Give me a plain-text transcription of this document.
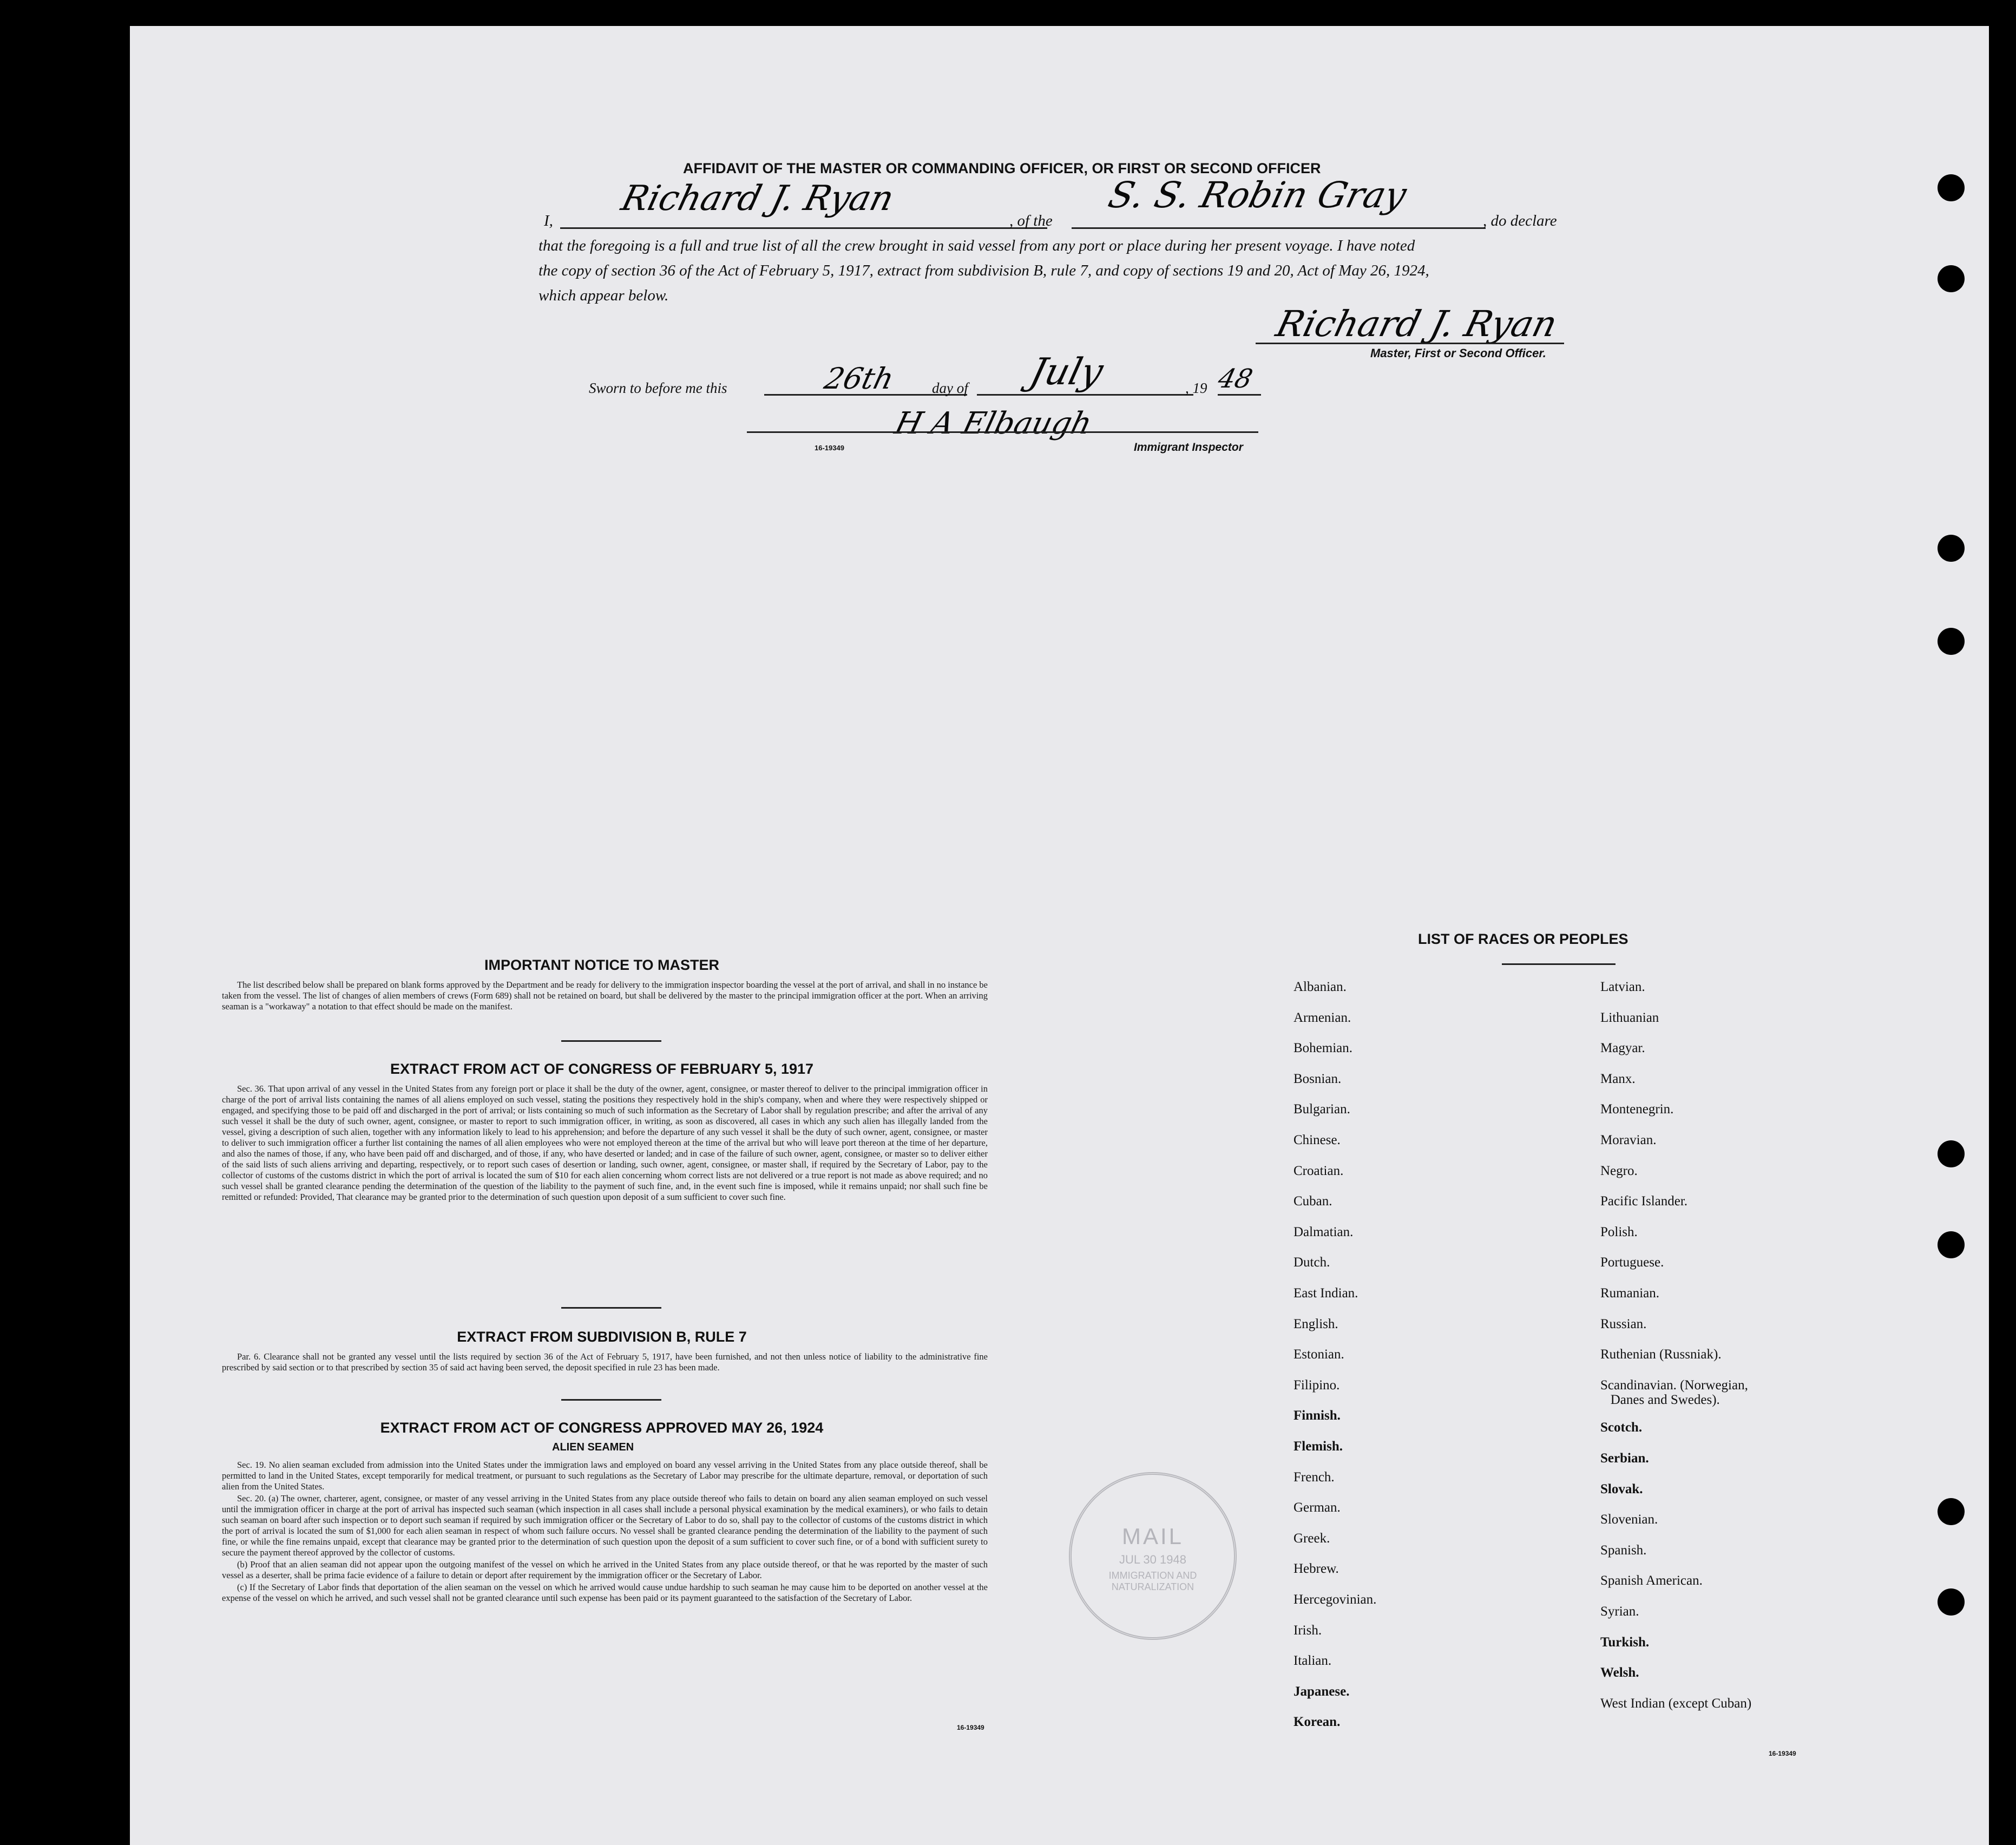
AFFIDAVIT OF THE MASTER OR COMMANDING OFFICER, OR FIRST OR SECOND OFFICER
I,
Richard J. Ryan
, of the
S. S. Robin Gray
, do declare
that the foregoing is a full and true list of all the crew brought in said vessel from any port or place during her present voyage. I have noted
the copy of section 36 of the Act of February 5, 1917, extract from subdivision B, rule 7, and copy of sections 19 and 20, Act of May 26, 1924,
which appear below.
Richard J. Ryan
Master, First or Second Officer.
Sworn to before me this	26th day of July	, 19 48
H A Elbaugh
16-19349	Immigrant Inspector
IMPORTANT NOTICE TO MASTER

The list described below shall be prepared on blank forms approved by the Department and be ready for delivery to the immigration inspector boarding the vessel at the port of arrival, and shall in no instance be taken from the vessel. The list of changes of alien members of crews (Form 689) shall not be retained on board, but shall be delivered by the master to the principal immigration officer at the port. When an arriving seaman is a "workaway" a notation to that effect should be made on the manifest.

EXTRACT FROM ACT OF CONGRESS OF FEBRUARY 5, 1917

Sec. 36. That upon arrival of any vessel in the United States from any foreign port or place it shall be the duty of the owner, agent, consignee, or master thereof to deliver to the principal immigration officer in charge of the port of arrival lists containing the names of all aliens employed on such vessel, stating the positions they respectively hold in the ship's company, when and where they were respectively shipped or engaged, and specifying those to be paid off and discharged in the port of arrival; or lists containing so much of such information as the Secretary of Labor shall by regulation prescribe; and after the arrival of any such vessel it shall be the duty of such owner, agent, consignee, or master to report to such immigration officer, in writing, as soon as discovered, all cases in which any such alien has illegally landed from the vessel, giving a description of such alien, together with any information likely to lead to his apprehension; and before the departure of any such vessel it shall be the duty of such owner, agent, consignee, or master to deliver to such immigration officer a further list containing the names of all alien employees who were not employed thereon at the time of the arrival but who will leave port thereon at the time of her departure, and also the names of those, if any, who have been paid off and discharged, and of those, if any, who have deserted or landed; and in case of the failure of such owner, agent, consignee, or master so to deliver either of the said lists of such aliens arriving and departing, respectively, or to report such cases of desertion or landing, such owner, agent, consignee, or master shall, if required by the Secretary of Labor, pay to the collector of customs of the customs district in which the port of arrival is located the sum of $10 for each alien concerning whom correct lists are not delivered or a true report is not made as above required; and no such vessel shall be granted clearance pending the determination of the question of the liability to the payment of such fine, and, in the event such fine is imposed, while it remains unpaid; nor shall such fine be remitted or refunded: Provided, That clearance may be granted prior to the determination of such question upon deposit of a sum sufficient to cover such fine.

EXTRACT FROM SUBDIVISION B, RULE 7

Par. 6. Clearance shall not be granted any vessel until the lists required by section 36 of the Act of February 5, 1917, have been furnished, and not then unless notice of liability to the administrative fine prescribed by said section or to that prescribed by section 35 of said act having been served, the deposit specified in rule 23 has been made.

EXTRACT FROM ACT OF CONGRESS APPROVED MAY 26, 1924
ALIEN SEAMEN

Sec. 19. No alien seaman excluded from admission into the United States under the immigration laws and employed on board any vessel arriving in the United States from any place outside thereof, shall be permitted to land in the United States, except temporarily for medical treatment, or pursuant to such regulations as the Secretary of Labor may prescribe for the ultimate departure, removal, or deportation of such alien from the United States.

Sec. 20. (a) The owner, charterer, agent, consignee, or master of any vessel arriving in the United States from any place outside thereof who fails to detain on board any alien seaman employed on such vessel until the immigration officer in charge at the port of arrival has inspected such seaman (which inspection in all cases shall include a personal physical examination by the medical examiners), or who fails to detain such seaman on board after such inspection or to deport such seaman if required by such immigration officer or the Secretary of Labor to do so, shall pay to the collector of customs of the customs district in which the port of arrival is located the sum of $1,000 for each alien seaman in respect of whom such failure occurs. No vessel shall be granted clearance pending the determination of the liability to the payment of such fine, or while the fine remains unpaid, except that clearance may be granted prior to the determination of such question upon the deposit of a sum sufficient to cover such fine, or of a bond with sufficient surety to secure the payment thereof approved by the collector of customs.

(b) Proof that an alien seaman did not appear upon the outgoing manifest of the vessel on which he arrived in the United States from any place outside thereof, or that he was reported by the master of such vessel as a deserter, shall be prima facie evidence of a failure to detain or deport after requirement by the immigration officer or the Secretary of Labor.

(c) If the Secretary of Labor finds that deportation of the alien seaman on the vessel on which he arrived would cause undue hardship to such seaman he may cause him to be deported on another vessel at the expense of the vessel on which he arrived, and such vessel shall not be granted clearance until such expense has been paid or its payment guaranteed to the satisfaction of the Secretary of Labor.

16-19349
LIST OF RACES OR PEOPLES
Albanian.
Armenian.
Bohemian.
Bosnian.
Bulgarian.
Chinese.
Croatian.
Cuban.
Dalmatian.
Dutch.
East Indian.
English.
Estonian.
Filipino.
Finnish.
Flemish.
French.
German.
Greek.
Hebrew.
Hercegovinian.
Irish.
Italian.
Japanese.
Korean.
Latvian.
Lithuanian
Magyar.
Manx.
Montenegrin.
Moravian.
Negro.
Pacific Islander.
Polish.
Portuguese.
Rumanian.
Russian.
Ruthenian (Russniak).
Scandinavian. (Norwegian,
Danes and Swedes).
Scotch.
Serbian.
Slovak.
Slovenian.
Spanish.
Spanish American.
Syrian.
Turkish.
Welsh.
West Indian (except Cuban)
16-19349
MAIL
JUL 30 1948
IMMIGRATION AND NATURALIZATION
